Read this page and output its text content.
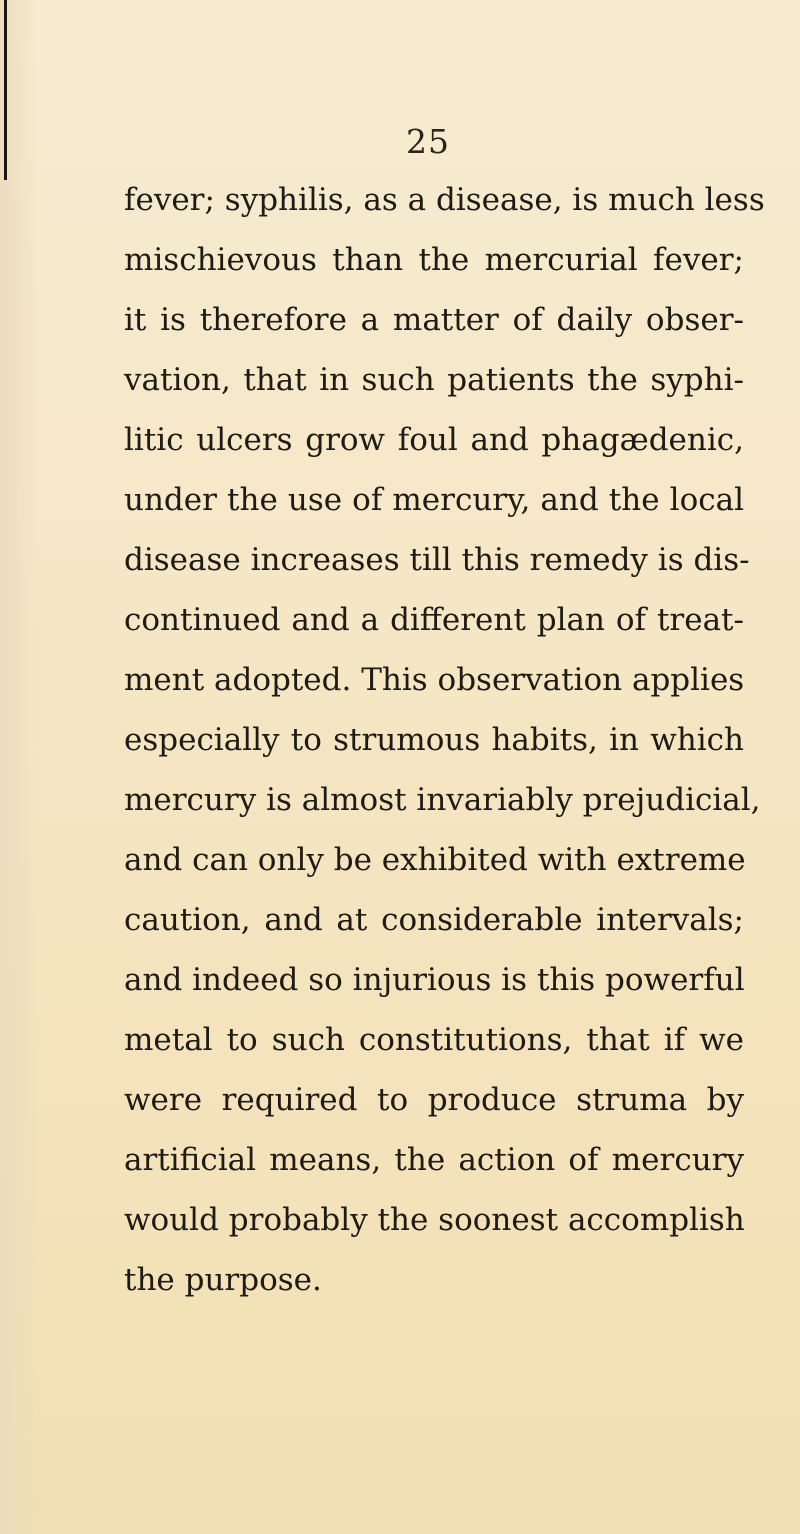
25
fever; syphilis, as a disease, is much less
mischievous than the mercurial fever;
it is therefore a matter of daily obser-
vation, that in such patients the syphi-
litic ulcers grow foul and phagædenic,
under the use of mercury, and the local
disease increases till this remedy is dis-
continued and a different plan of treat-
ment adopted. This observation applies
especially to strumous habits, in which
mercury is almost invariably prejudicial,
and can only be exhibited with extreme
caution, and at considerable intervals;
and indeed so injurious is this powerful
metal to such constitutions, that if we
were required to produce struma by
artificial means, the action of mercury
would probably the soonest accomplish
the purpose.
